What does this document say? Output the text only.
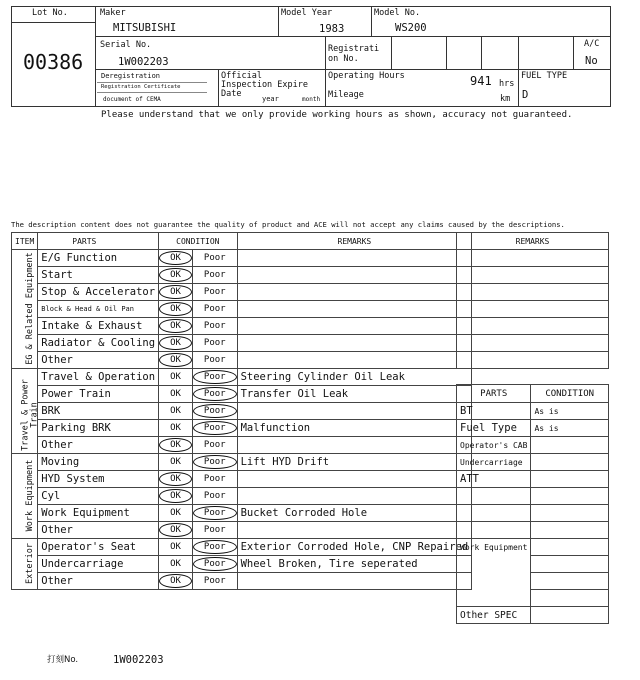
Lot No.
00386
Maker
MITSUBISHI
Model Year
1983
Model No.
WS200
Serial No.
1W002203
Registrati on No.
A/C
No
Deregistration
Registration Certificate
document of CEMA
Official Inspection Expire Date	year	month
Operating Hours	941 hrs
Mileage	km
FUEL TYPE
D
Please understand that we only provide working hours as shown, accuracy not guaranteed.
The description content does not guarantee the quality of product and ACE will not accept any claims caused by the descriptions.
ITEM	PARTS	CONDITION		REMARKS

EG & Related Equipment	E/G Function	OK	Poor	
	Start	OK	Poor	
	Stop & Accelerator	OK	Poor	
	Block & Head & Oil Pan	OK	Poor	
	Intake & Exhaust	OK	Poor	
	Radiator & Cooling	OK	Poor	
	Other	OK	Poor	

Travel & Power Train	Travel & Operation	OK	Poor	Steering Cylinder Oil Leak
	Power Train	OK	Poor	Transfer Oil Leak
	BRK	OK	Poor	
	Parking BRK	OK	Poor	Malfunction
	Other	OK	Poor	

Work Equipment	Moving	OK	Poor	Lift HYD Drift
	HYD System	OK	Poor	
	Cyl	OK	Poor	
	Work Equipment	OK	Poor	Bucket Corroded Hole
	Other	OK	Poor	

Exterior	Operator's Seat	OK	Poor	Exterior Corroded Hole, CNP Repaired
	Undercarriage	OK	Poor	Wheel Broken, Tire seperated
	Other	OK	Poor	
REMARKS

PARTS	CONDITION
BT	As is
Fuel Type	As is
Operator's CAB	
Undercarriage	
ATT	

Work Equipment	

Other SPEC	
打刻No.	1W002203
